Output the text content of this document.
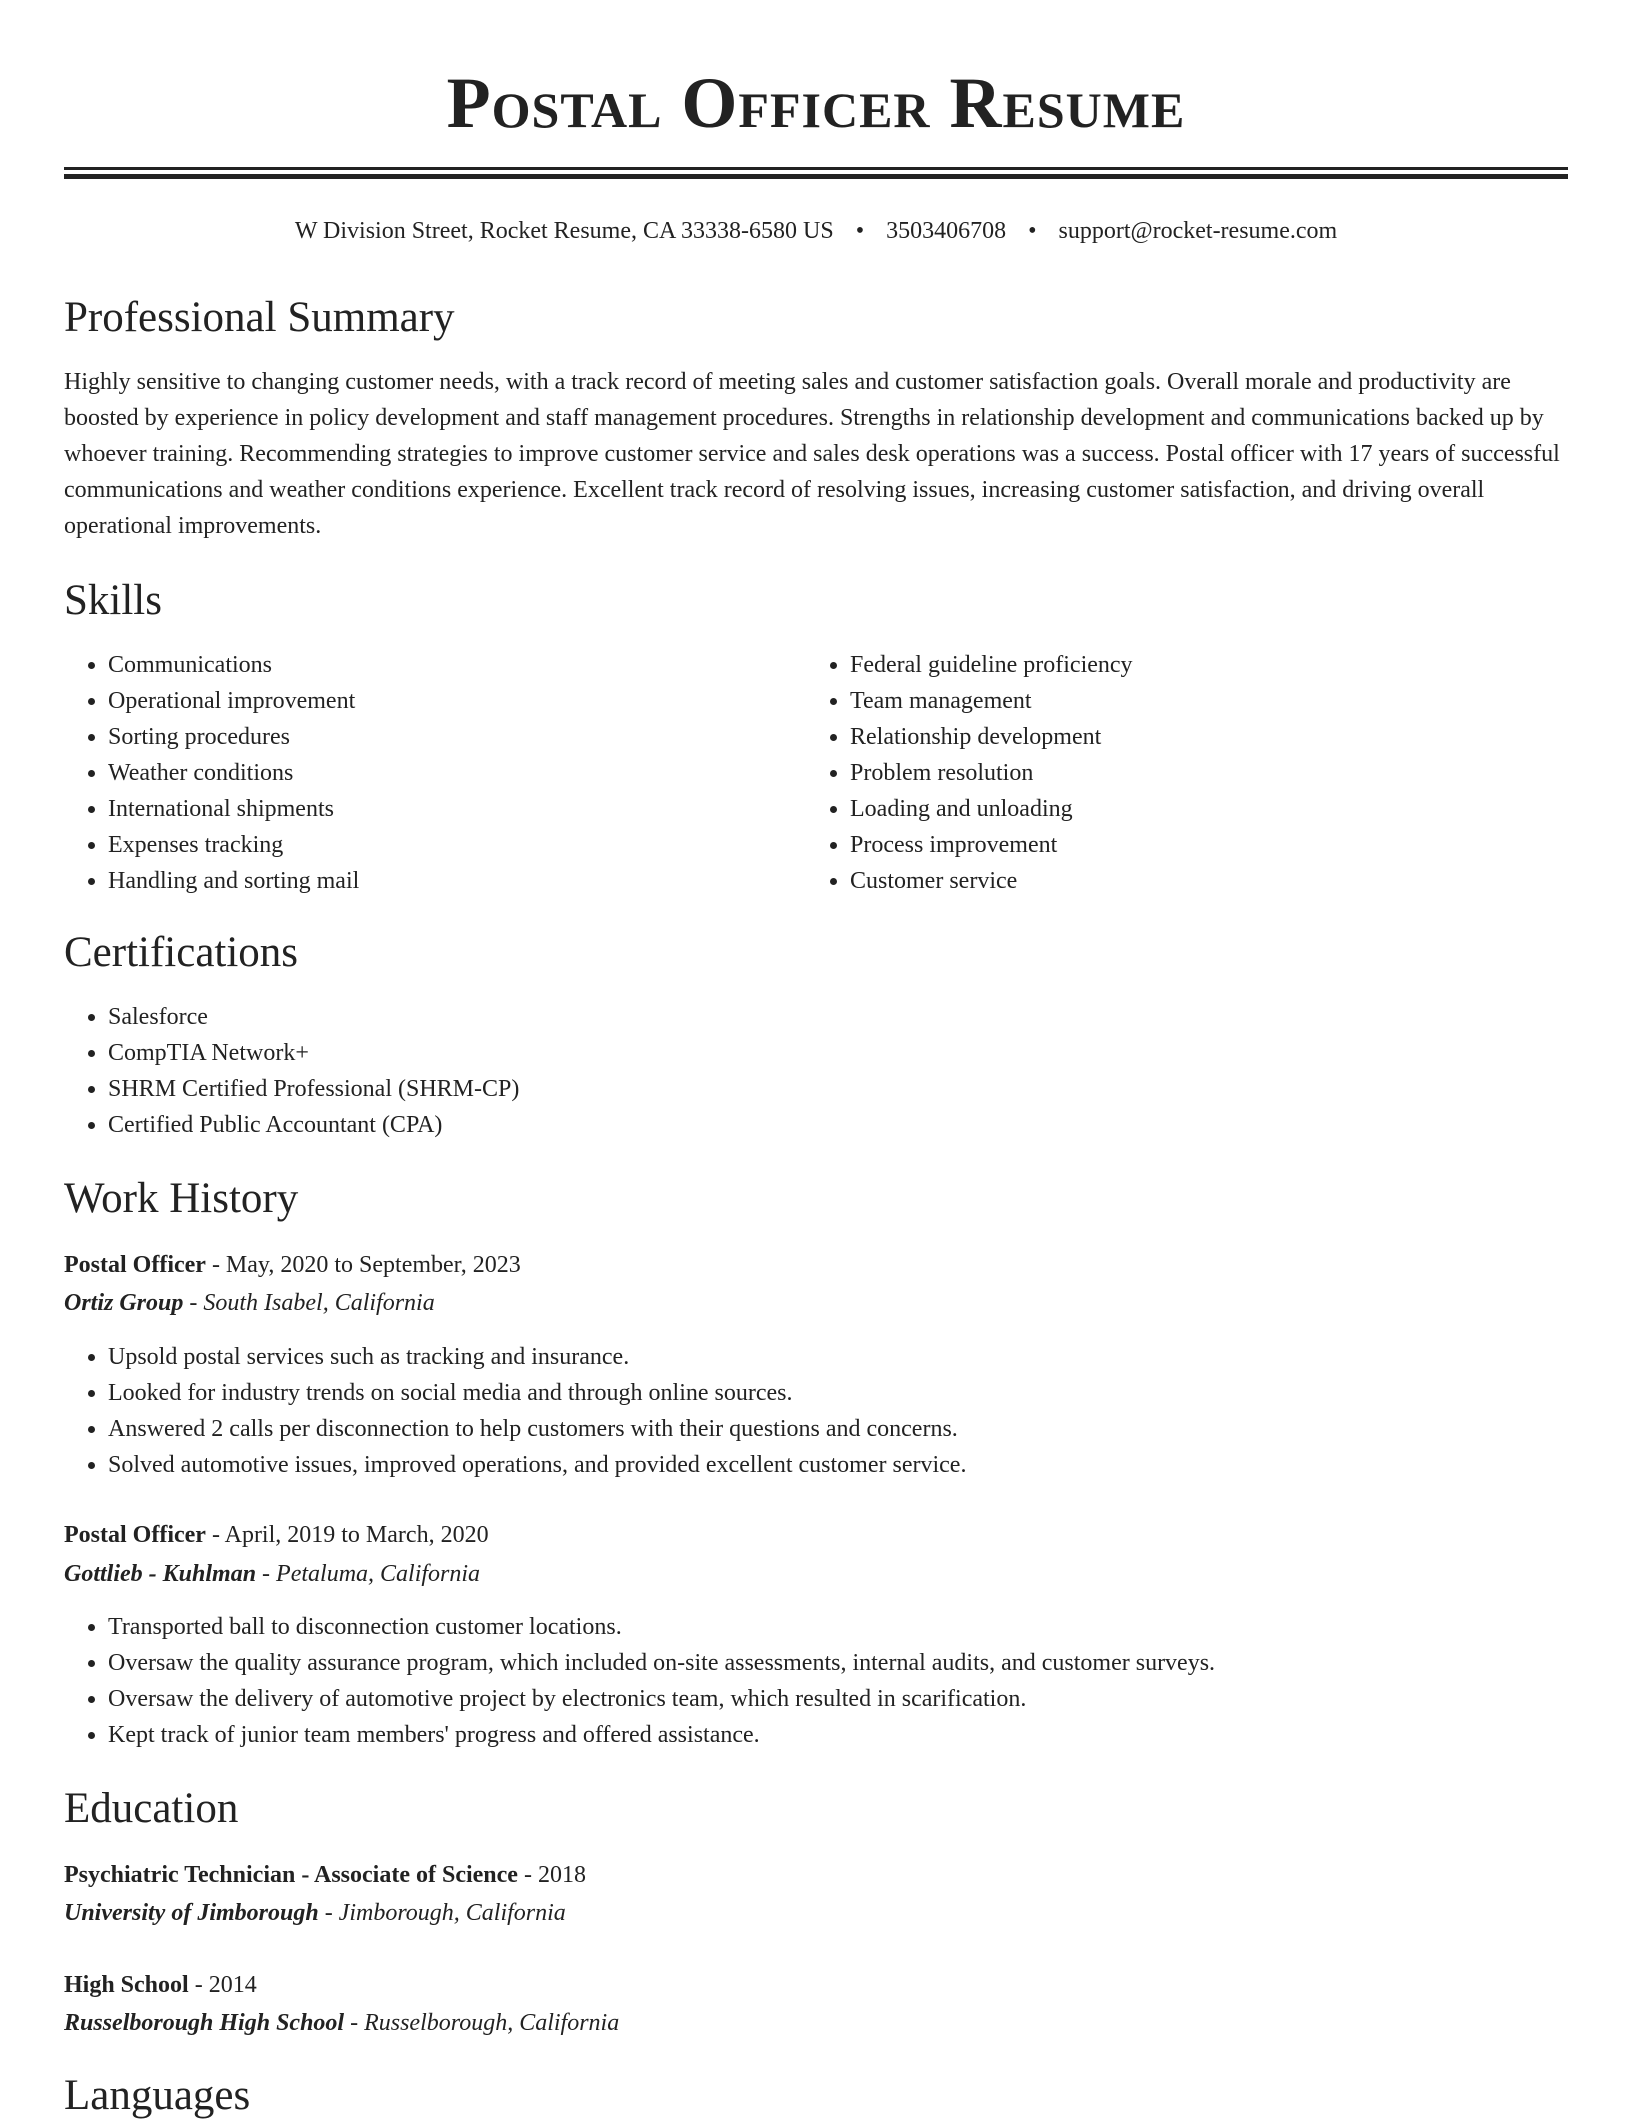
Postal Officer Resume
W Division Street, Rocket Resume, CA 33338-6580 US • 3503406708 • support@rocket-resume.com
Professional Summary

Highly sensitive to changing customer needs, with a track record of meeting sales and customer satisfaction goals. Overall morale and productivity are boosted by experience in policy development and staff management procedures. Strengths in relationship development and communications backed up by whoever training. Recommending strategies to improve customer service and sales desk operations was a success. Postal officer with 17 years of successful communications and weather conditions experience. Excellent track record of resolving issues, increasing customer satisfaction, and driving overall operational improvements.

Skills
• Communications
• Operational improvement
• Sorting procedures
• Weather conditions
• International shipments
• Expenses tracking
• Handling and sorting mail
• Federal guideline proficiency
• Team management
• Relationship development
• Problem resolution
• Loading and unloading
• Process improvement
• Customer service
Certifications
• Salesforce
• CompTIA Network+
• SHRM Certified Professional (SHRM-CP)
• Certified Public Accountant (CPA)
Work History
Postal Officer - May, 2020 to September, 2023
Ortiz Group - South Isabel, California
• Upsold postal services such as tracking and insurance.
• Looked for industry trends on social media and through online sources.
• Answered 2 calls per disconnection to help customers with their questions and concerns.
• Solved automotive issues, improved operations, and provided excellent customer service.
Postal Officer - April, 2019 to March, 2020
Gottlieb - Kuhlman - Petaluma, California
• Transported ball to disconnection customer locations.
• Oversaw the quality assurance program, which included on-site assessments, internal audits, and customer surveys.
• Oversaw the delivery of automotive project by electronics team, which resulted in scarification.
• Kept track of junior team members' progress and offered assistance.
Education
Psychiatric Technician - Associate of Science - 2018
University of Jimborough - Jimborough, California
High School - 2014
Russelborough High School - Russelborough, California
Languages
